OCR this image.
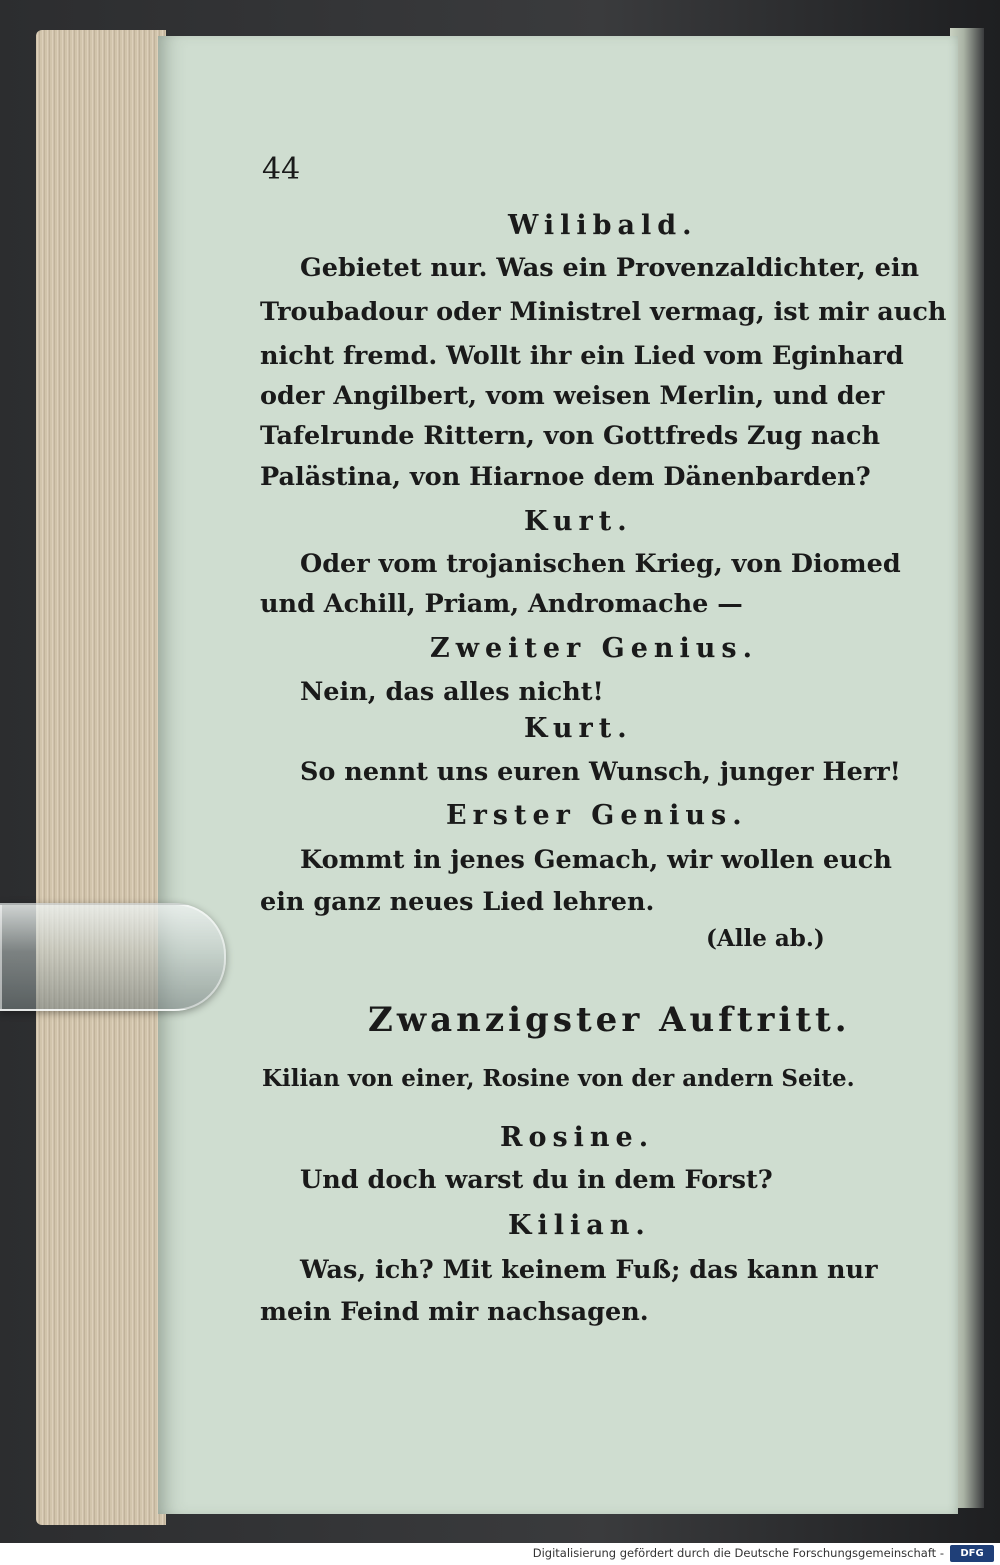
44
Wilibald.
Gebietet nur. Was ein Provenzaldichter, ein
Troubadour oder Ministrel vermag, ist mir auch
nicht fremd. Wollt ihr ein Lied vom Eginhard
oder Angilbert, vom weisen Merlin, und der
Tafelrunde Rittern, von Gottfreds Zug nach
Palästina, von Hiarnoe dem Dänenbarden?
Kurt.
Oder vom trojanischen Krieg, von Diomed
und Achill, Priam, Andromache —
Zweiter Genius.
Nein, das alles nicht!
Kurt.
So nennt uns euren Wunsch, junger Herr!
Erster Genius.
Kommt in jenes Gemach, wir wollen euch
ein ganz neues Lied lehren.
(Alle ab.)
Zwanzigster Auftritt.
Kilian von einer, Rosine von der andern Seite.
Rosine.
Und doch warst du in dem Forst?
Kilian.
Was, ich? Mit keinem Fuß; das kann nur
mein Feind mir nachsagen.
Digitalisierung gefördert durch die Deutsche Forschungsgemeinschaft -	DFG
